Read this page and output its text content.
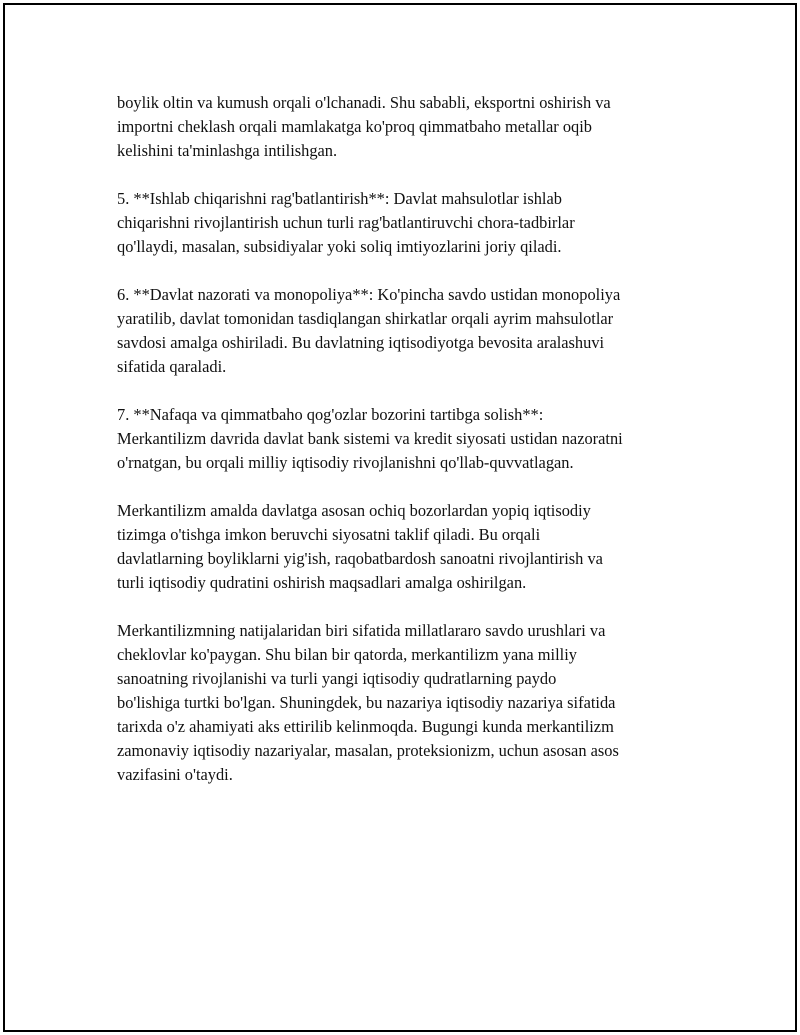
boylik oltin va kumush orqali o'lchanadi. Shu sababli, eksportni oshirish va
importni cheklash orqali mamlakatga ko'proq qimmatbaho metallar oqib
kelishini ta'minlashga intilishgan.

5. **Ishlab chiqarishni rag'batlantirish**: Davlat mahsulotlar ishlab
chiqarishni rivojlantirish uchun turli rag'batlantiruvchi chora-tadbirlar
qo'llaydi, masalan, subsidiyalar yoki soliq imtiyozlarini joriy qiladi.

6. **Davlat nazorati va monopoliya**: Ko'pincha savdo ustidan monopoliya
yaratilib, davlat tomonidan tasdiqlangan shirkatlar orqali ayrim mahsulotlar
savdosi amalga oshiriladi. Bu davlatning iqtisodiyotga bevosita aralashuvi
sifatida qaraladi.

7. **Nafaqa va qimmatbaho qog'ozlar bozorini tartibga solish**:
Merkantilizm davrida davlat bank sistemi va kredit siyosati ustidan nazoratni
o'rnatgan, bu orqali milliy iqtisodiy rivojlanishni qo'llab-quvvatlagan.

Merkantilizm amalda davlatga asosan ochiq bozorlardan yopiq iqtisodiy
tizimga o'tishga imkon beruvchi siyosatni taklif qiladi. Bu orqali
davlatlarning boyliklarni yig'ish, raqobatbardosh sanoatni rivojlantirish va
turli iqtisodiy qudratini oshirish maqsadlari amalga oshirilgan.

Merkantilizmning natijalaridan biri sifatida millatlararo savdo urushlari va
cheklovlar ko'paygan. Shu bilan bir qatorda, merkantilizm yana milliy
sanoatning rivojlanishi va turli yangi iqtisodiy qudratlarning paydo
bo'lishiga turtki bo'lgan. Shuningdek, bu nazariya iqtisodiy nazariya sifatida
tarixda o'z ahamiyati aks ettirilib kelinmoqda. Bugungi kunda merkantilizm
zamonaviy iqtisodiy nazariyalar, masalan, proteksionizm, uchun asosan asos
vazifasini o'taydi.
